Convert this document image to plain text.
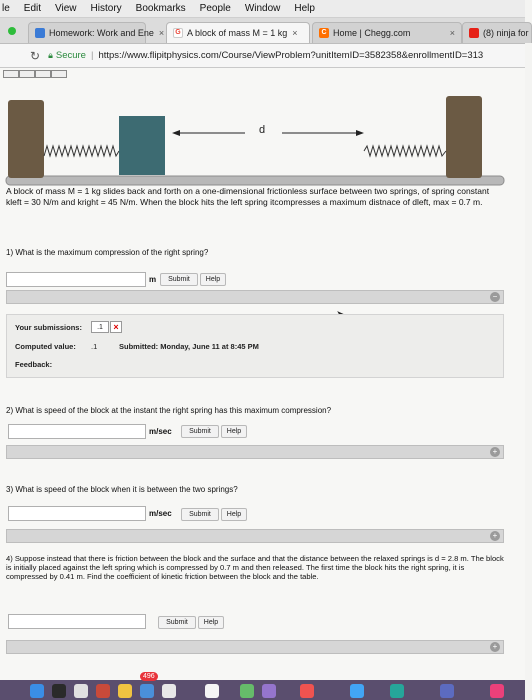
le Edit View History Bookmarks People Window Help
Homework: Work and Ene ×	G A block of mass M = 1 kg ×	C Home | Chegg.com	×	(8) ninja for
↻ 🔒︎ Secure | https://www.flipitphysics.com/Course/ViewProblem?unitItemID=3582358&enrollmentID=313
d
A block of mass M = 1 kg slides back and forth on a one-dimensional frictionless surface between two springs, of spring constant kleft = 30 N/m and kright = 45 N/m. When the block hits the left spring itcompresses a maximum distnace of dleft, max = 0.7 m.
1) What is the maximum compression of the right spring?
m	Submit	Help
−
Your submissions:	.1	×
Computed value: .1	Submitted: Monday, June 11 at 8:45 PM
Feedback:
2) What is speed of the block at the instant the right spring has this maximum compression?
m/sec	Submit	Help
+
3) What is speed of the block when it is between the two springs?
m/sec	Submit	Help
+
4) Suppose instead that there is friction between the block and the surface and that the distance between the relaxed springs is d = 2.8 m. The block is initially placed against the left spring which is compressed by 0.7 m and then released. The first time the block hits the right spring, it is compressed by 0.41 m. Find the coefficient of kinetic friction between the block and the table.
Submit	Help
+
496
